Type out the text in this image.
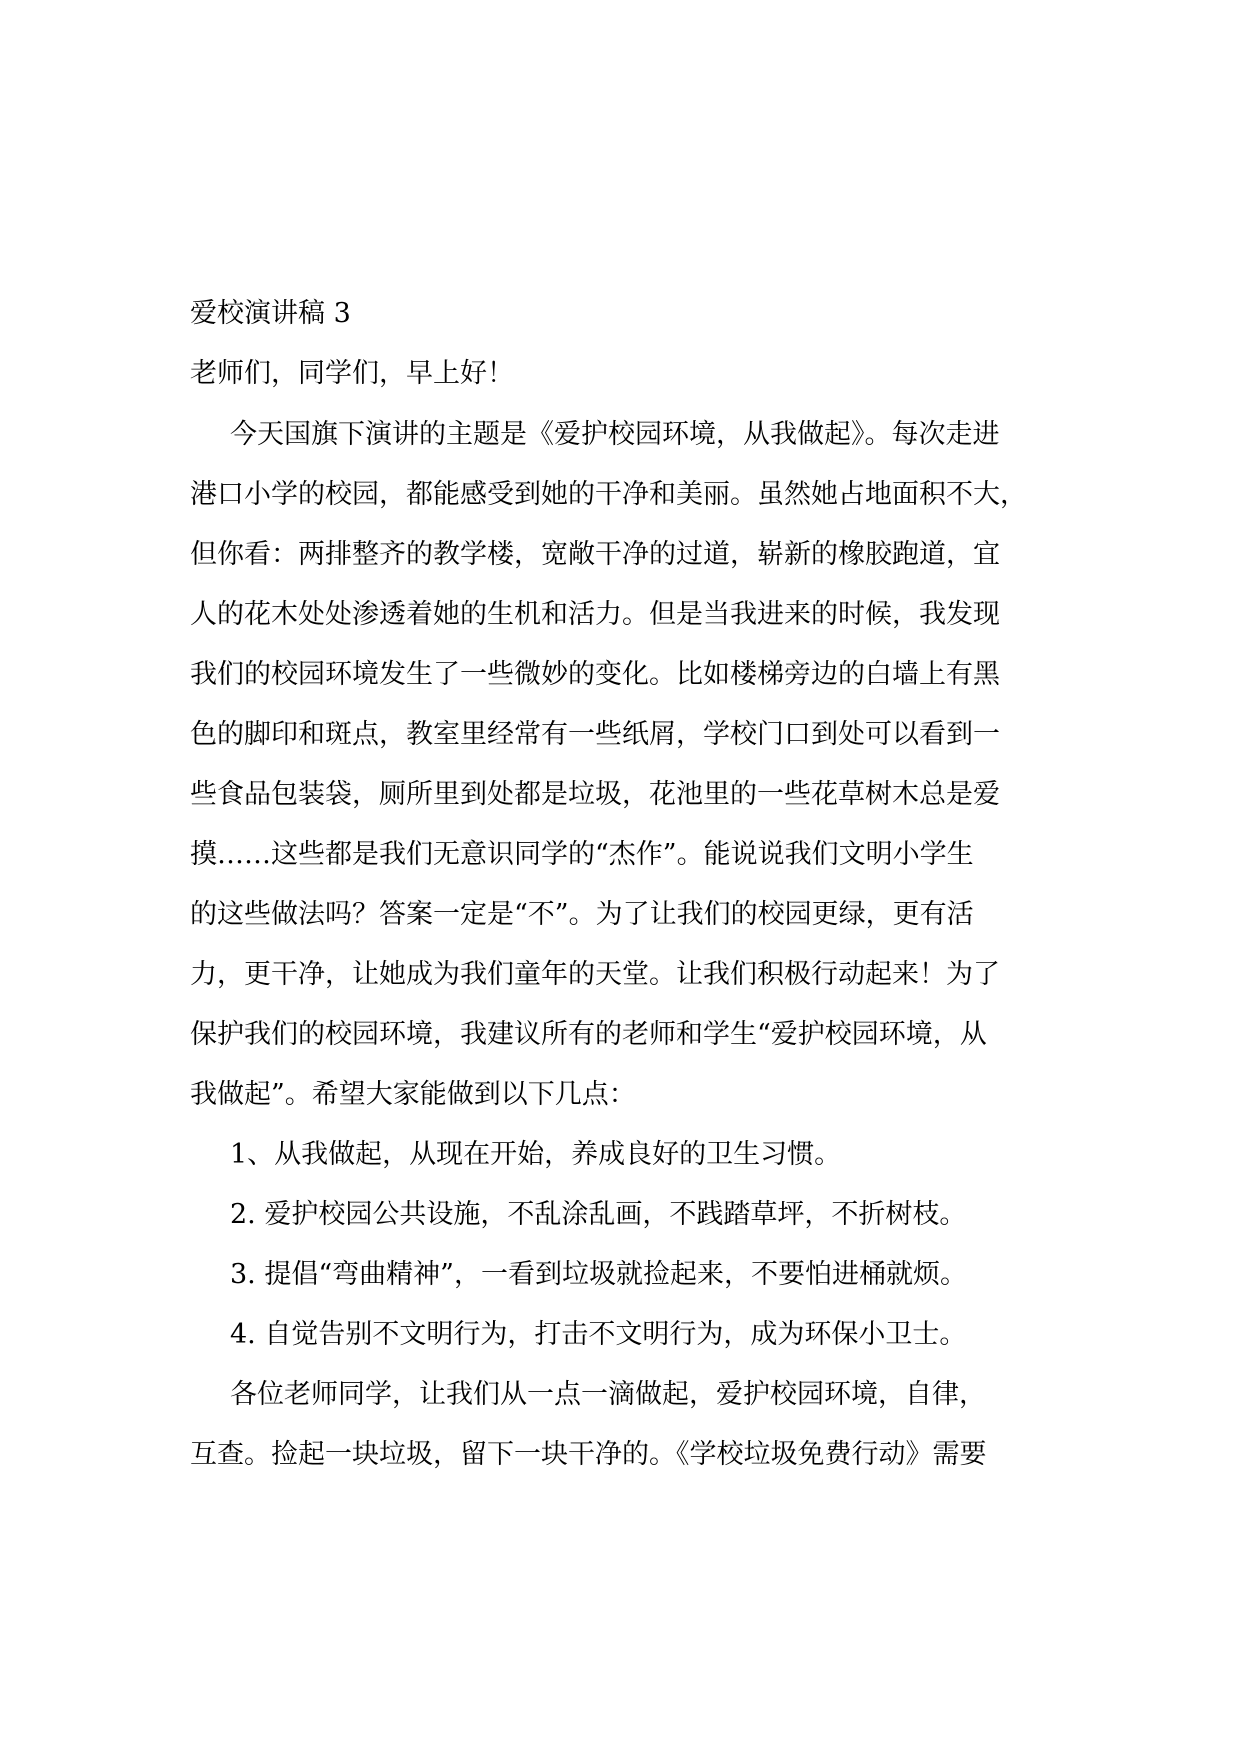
爱校演讲稿 3
老师们，同学们，早上好！
今天国旗下演讲的主题是《爱护校园环境，从我做起》。每次走进
港口小学的校园，都能感受到她的干净和美丽。虽然她占地面积不大，
但你看：两排整齐的教学楼，宽敞干净的过道，崭新的橡胶跑道，宜
人的花木处处渗透着她的生机和活力。但是当我进来的时候，我发现
我们的校园环境发生了一些微妙的变化。比如楼梯旁边的白墙上有黑
色的脚印和斑点，教室里经常有一些纸屑，学校门口到处可以看到一
些食品包装袋，厕所里到处都是垃圾，花池里的一些花草树木总是爱
摸……这些都是我们无意识同学的“杰作”。能说说我们文明小学生
的这些做法吗？答案一定是“不”。为了让我们的校园更绿，更有活
力，更干净，让她成为我们童年的天堂。让我们积极行动起来！为了
保护我们的校园环境，我建议所有的老师和学生“爱护校园环境，从
我做起”。希望大家能做到以下几点：
1、从我做起，从现在开始，养成良好的卫生习惯。
2. 爱护校园公共设施，不乱涂乱画，不践踏草坪，不折树枝。
3. 提倡“弯曲精神”，一看到垃圾就捡起来，不要怕进桶就烦。
4. 自觉告别不文明行为，打击不文明行为，成为环保小卫士。
各位老师同学，让我们从一点一滴做起，爱护校园环境，自律，
互查。捡起一块垃圾，留下一块干净的。《学校垃圾免费行动》需要
